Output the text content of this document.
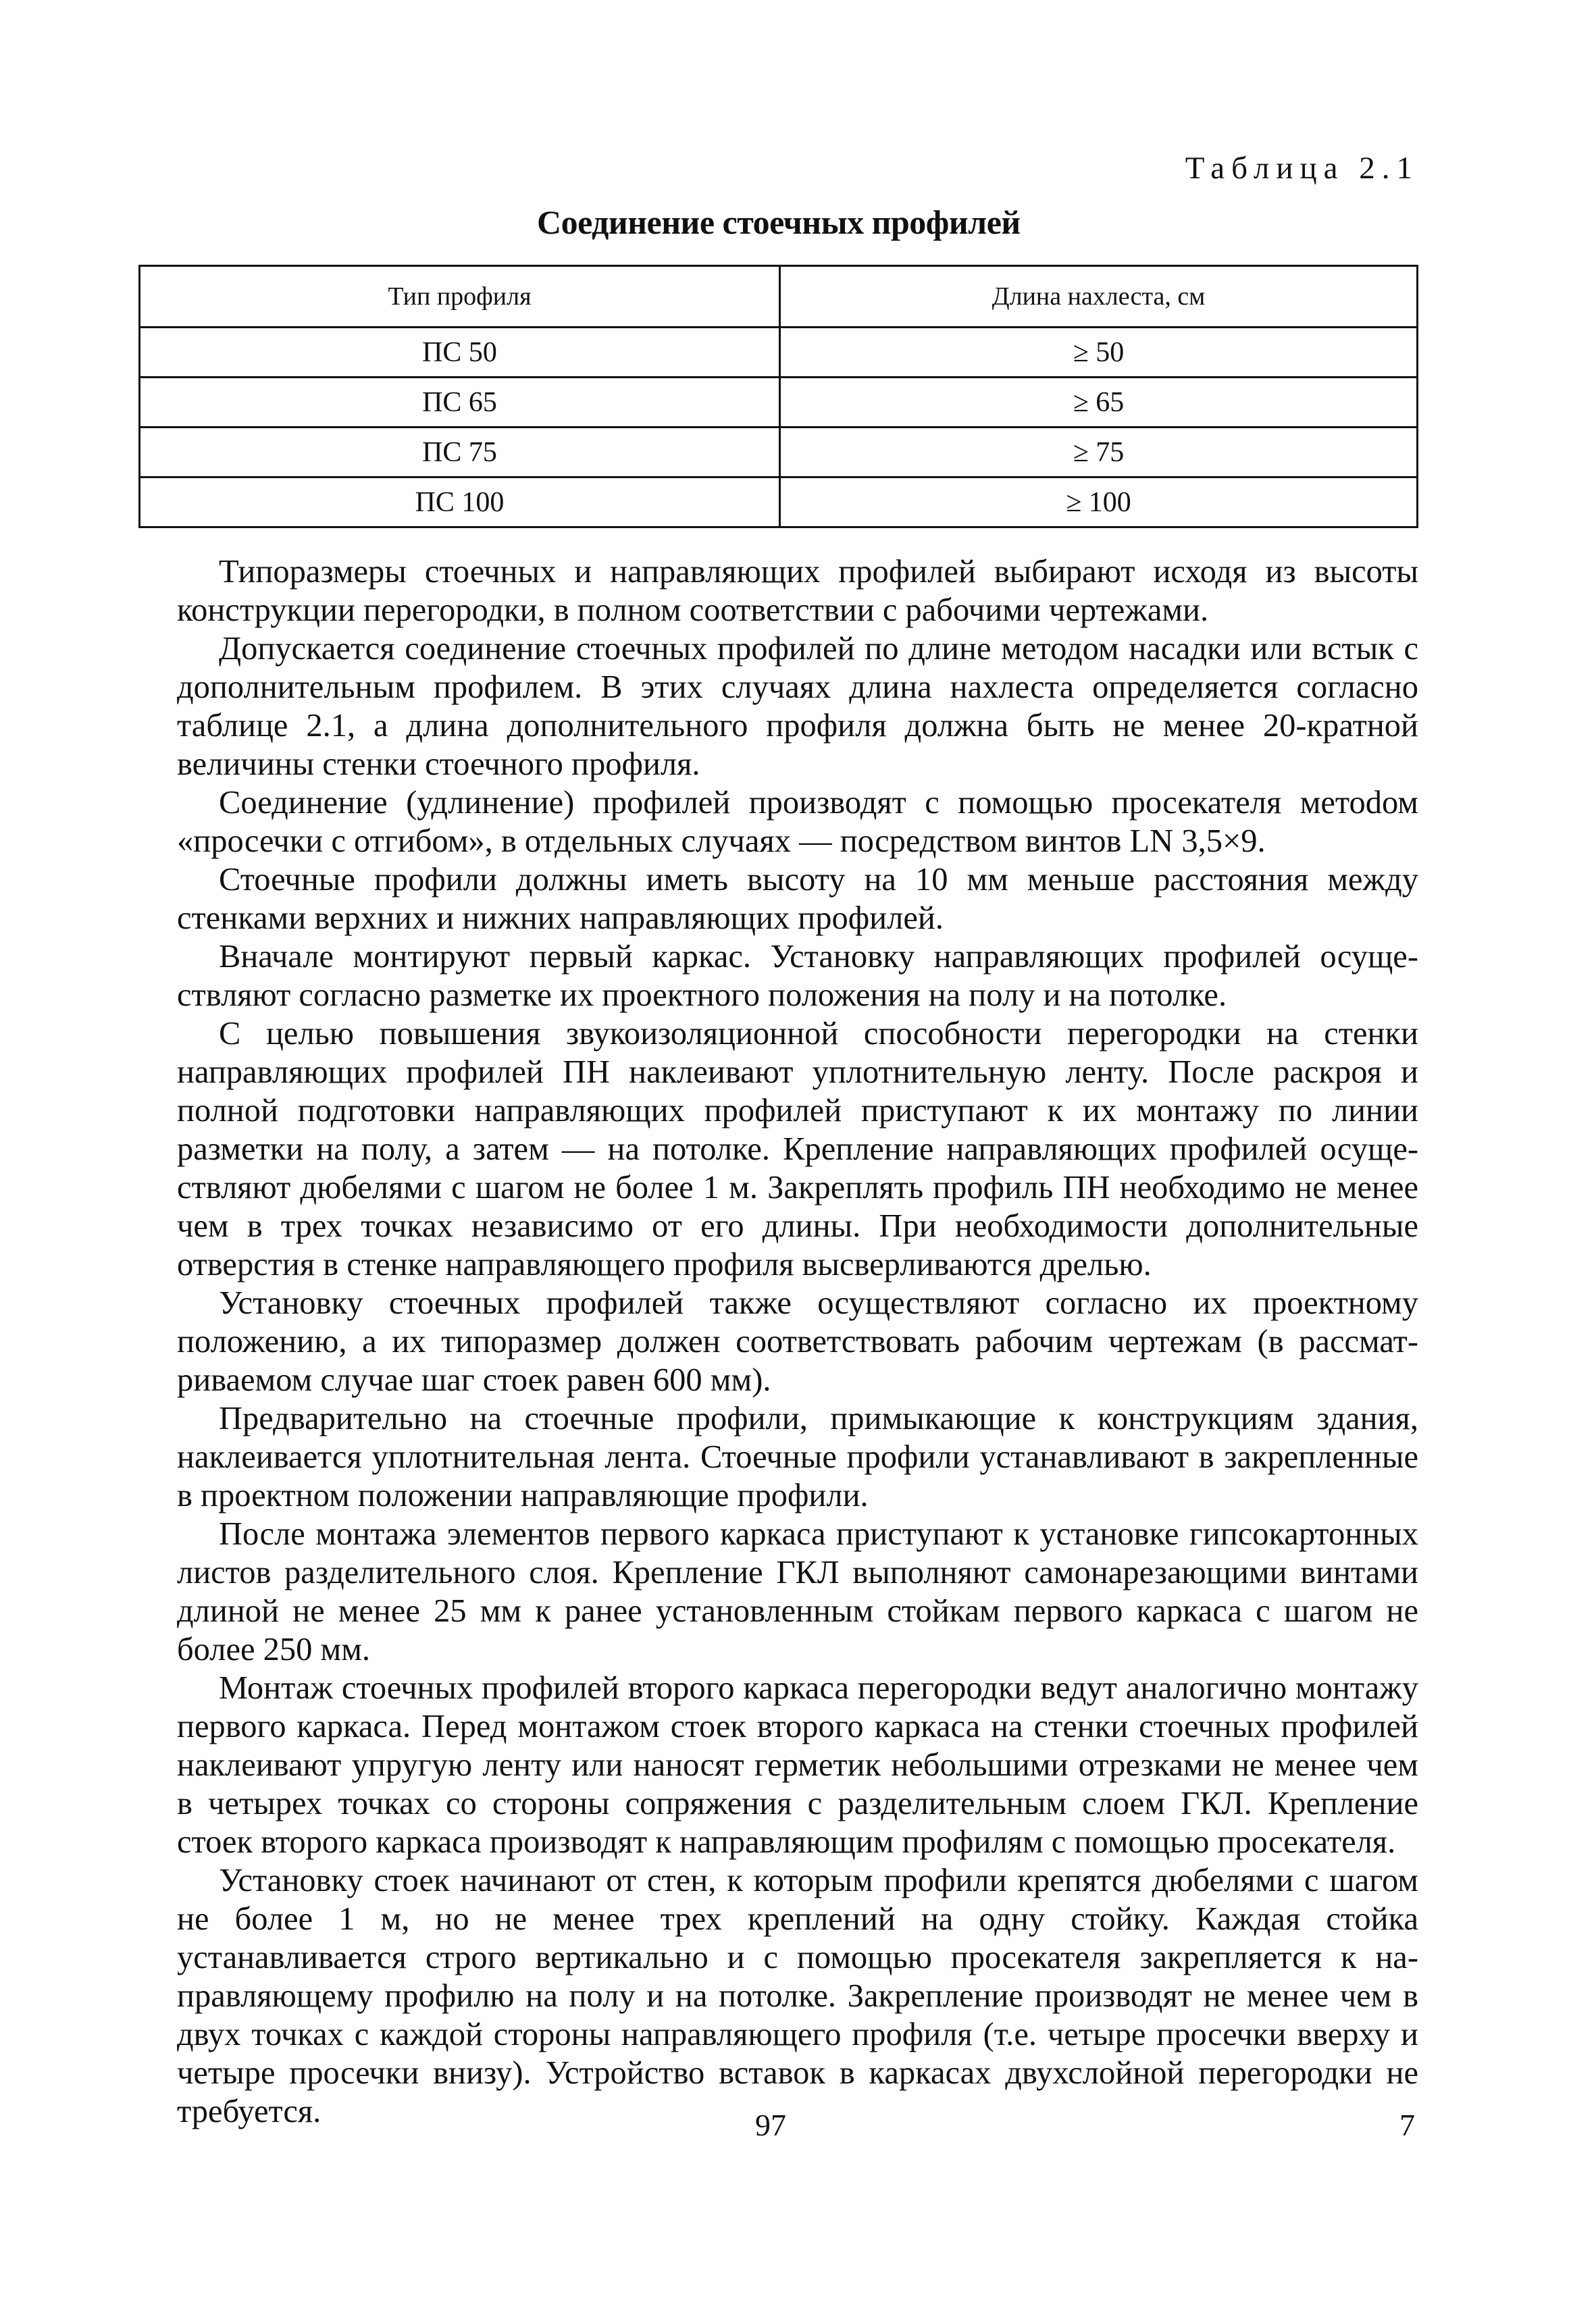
Таблица 2.1
Соединение стоечных профилей
Тип профиля	Длина нахлеста, см
ПС 50	≥ 50
ПС 65	≥ 65
ПС 75	≥ 75
ПС 100	≥ 100

Типоразмеры стоечных и направляющих профилей выбирают исходя из высоты конструкции перегородки, в полном соответствии с рабочими чертежами.

Допускается соединение стоечных профилей по длине методом насадки или встык с дополнительным профилем. В этих случаях длина нахлеста определяется согласно таблице 2.1, а длина дополнительного профиля должна быть не менее 20-кратной величины стенки стоечного профиля.

Соединение (удлинение) профилей производят с помощью просекателя метоdом «просечки с отгибом», в отдельных случаях — посредством винтов LN 3,5×9.

Стоечные профили должны иметь высоту на 10 мм меньше расстояния между стенками верхних и нижних направляющих профилей.

Вначале монтируют первый каркас. Установку направляющих профилей осуществляют согласно разметке их проектного положения на полу и на потолке.

С целью повышения звукоизоляционной способности перегородки на стенки направляющих профилей ПН наклеивают уплотнительную ленту. После раскроя и полной подготовки направляющих профилей приступают к их монтажу по линии разметки на полу, а затем — на потолке. Крепление направляющих профилей осуществляют дюбелями с шагом не более 1 м. Закреплять профиль ПН необходимо не менее чем в трех точках независимо от его длины. При необходимости дополнительные отверстия в стенке направляющего профиля высверливаются дрелью.

Установку стоечных профилей также осуществляют согласно их проектному положению, а их типоразмер должен соответствовать рабочим чертежам (в рассматриваемом случае шаг стоек равен 600 мм).

Предварительно на стоечные профили, примыкающие к конструкциям здания, наклеивается уплотнительная лента. Стоечные профили устанавливают в закрепленные в проектном положении направляющие профили.

После монтажа элементов первого каркаса приступают к установке гипсокартонных листов разделительного слоя. Крепление ГКЛ выполняют самонарезающими винтами длиной не менее 25 мм к ранее установленным стойкам первого каркаса с шагом не более 250 мм.

Монтаж стоечных профилей второго каркаса перегородки ведут аналогично монтажу первого каркаса. Перед монтажом стоек второго каркаса на стенки стоечных профилей наклеивают упругую ленту или наносят герметик небольшими отрезками не менее чем в четырех точках со стороны сопряжения с разделительным слоем ГКЛ. Крепление стоек второго каркаса производят к направляющим профилям с помощью просекателя.

Установку стоек начинают от стен, к которым профили крепятся дюбелями с шагом не более 1 м, но не менее трех креплений на одну стойку. Каждая стойка устанавливается строго вертикально и с помощью просекателя закрепляется к направляющему профилю на полу и на потолке. Закрепление производят не менее чем в двух точках с каждой стороны направляющего профиля (т.е. четыре просечки вверху и четыре просечки внизу). Устройство вставок в каркасах двухслойной перегородки не требуется.	97	7
